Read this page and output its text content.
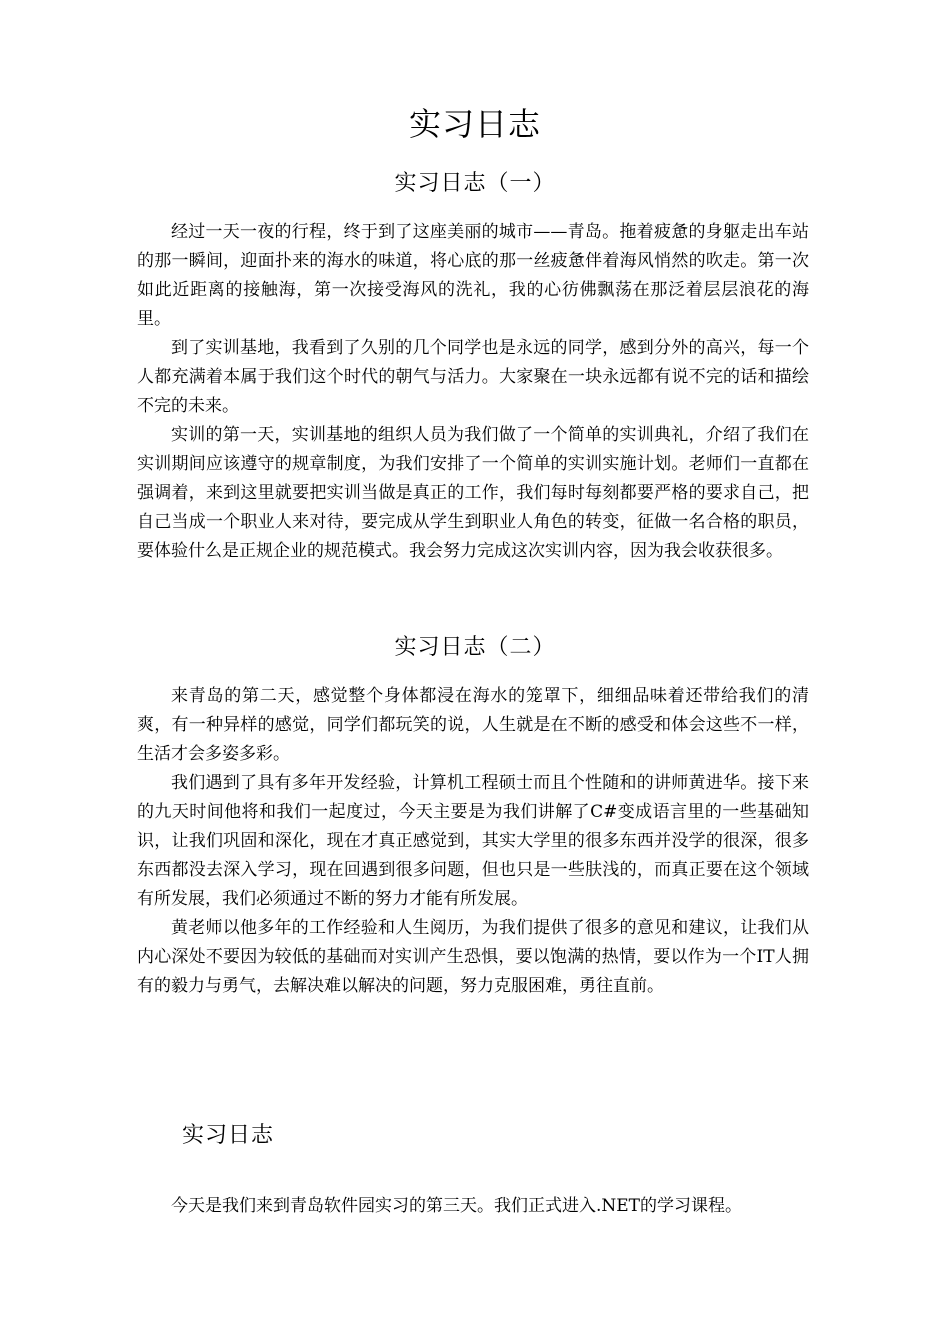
实习日志
实习日志（一）

经过一天一夜的行程，终于到了这座美丽的城市——青岛。拖着疲惫的身躯走出车站的那一瞬间，迎面扑来的海水的味道，将心底的那一丝疲惫伴着海风悄然的吹走。第一次如此近距离的接触海，第一次接受海风的洗礼，我的心彷佛飘荡在那泛着层层浪花的海里。

到了实训基地，我看到了久别的几个同学也是永远的同学，感到分外的高兴，每一个人都充满着本属于我们这个时代的朝气与活力。大家聚在一块永远都有说不完的话和描绘不完的未来。

实训的第一天，实训基地的组织人员为我们做了一个简单的实训典礼，介绍了我们在实训期间应该遵守的规章制度，为我们安排了一个简单的实训实施计划。老师们一直都在强调着，来到这里就要把实训当做是真正的工作，我们每时每刻都要严格的要求自己，把自己当成一个职业人来对待，要完成从学生到职业人角色的转变，征做一名合格的职员，要体验什么是正规企业的规范模式。我会努力完成这次实训内容，因为我会收获很多。

实习日志（二）

来青岛的第二天，感觉整个身体都浸在海水的笼罩下，细细品味着还带给我们的清爽，有一种异样的感觉，同学们都玩笑的说，人生就是在不断的感受和体会这些不一样，生活才会多姿多彩。

我们遇到了具有多年开发经验，计算机工程硕士而且个性随和的讲师黄进华。接下来的九天时间他将和我们一起度过，今天主要是为我们讲解了C#变成语言里的一些基础知识，让我们巩固和深化，现在才真正感觉到，其实大学里的很多东西并没学的很深，很多东西都没去深入学习，现在回遇到很多问题，但也只是一些肤浅的，而真正要在这个领域有所发展，我们必须通过不断的努力才能有所发展。

黄老师以他多年的工作经验和人生阅历，为我们提供了很多的意见和建议，让我们从内心深处不要因为较低的基础而对实训产生恐惧，要以饱满的热情，要以作为一个IT人拥有的毅力与勇气，去解决难以解决的问题，努力克服困难，勇往直前。

实习日志

今天是我们来到青岛软件园实习的第三天。我们正式进入.NET的学习课程。
